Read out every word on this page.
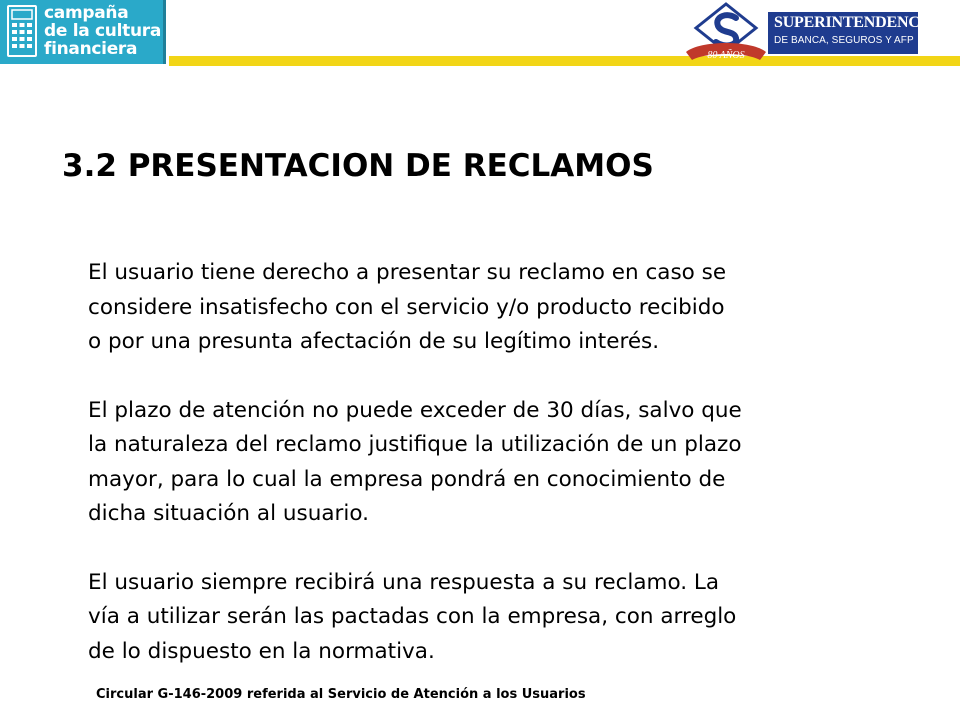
campaña
de la cultura
financiera	80 AÑOS
SUPERINTENDENCIA
DE BANCA, SEGUROS Y AFP
3.2 PRESENTACION DE RECLAMOS

El usuario tiene derecho a presentar su reclamo en caso se
considere insatisfecho con el servicio y/o producto recibido
o por una presunta afectación de su legítimo interés.

El plazo de atención no puede exceder de 30 días, salvo que
la naturaleza del reclamo justifique la utilización de un plazo
mayor, para lo cual la empresa pondrá en conocimiento de
dicha situación al usuario.

El usuario siempre recibirá una respuesta a su reclamo. La
vía a utilizar serán las pactadas con la empresa, con arreglo
de lo dispuesto en la normativa.

Circular G-146-2009 referida al Servicio de Atención a los Usuarios
